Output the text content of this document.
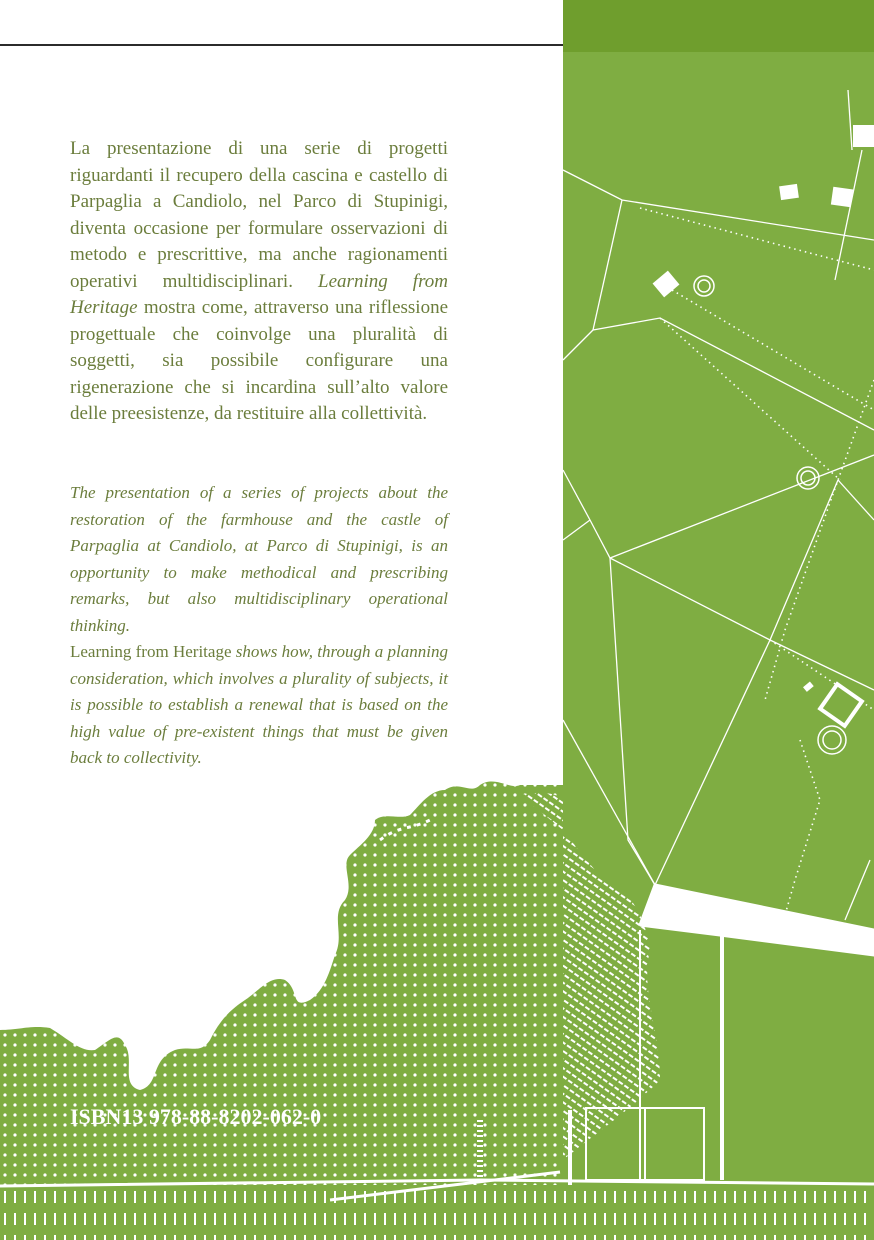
La presentazione di una serie di progetti riguardanti il recupero della cascina e castello di Parpaglia a Candiolo, nel Parco di Stupinigi, diventa occasione per formulare osservazioni di metodo e prescrittive, ma anche ragionamenti operativi multidisciplinari. Learning from Heritage mostra come, attraverso una riflessione progettuale che coinvolge una pluralità di soggetti, sia possibile configurare una rigenerazione che si incardina sull’alto valore delle preesistenze, da restituire alla collettività.

The presentation of a series of projects about the restoration of the farmhouse and the castle of Parpaglia at Candiolo, at Parco di Stupinigi, is an opportunity to make methodical and prescribing remarks, but also multidisciplinary operational thinking.
Learning from Heritage shows how, through a planning consideration, which involves a plurality of subjects, it is possible to establish a renewal that is based on the high value of pre-existent things that must be given back to collectivity.

ISBN13 978-88-8202-062-0
